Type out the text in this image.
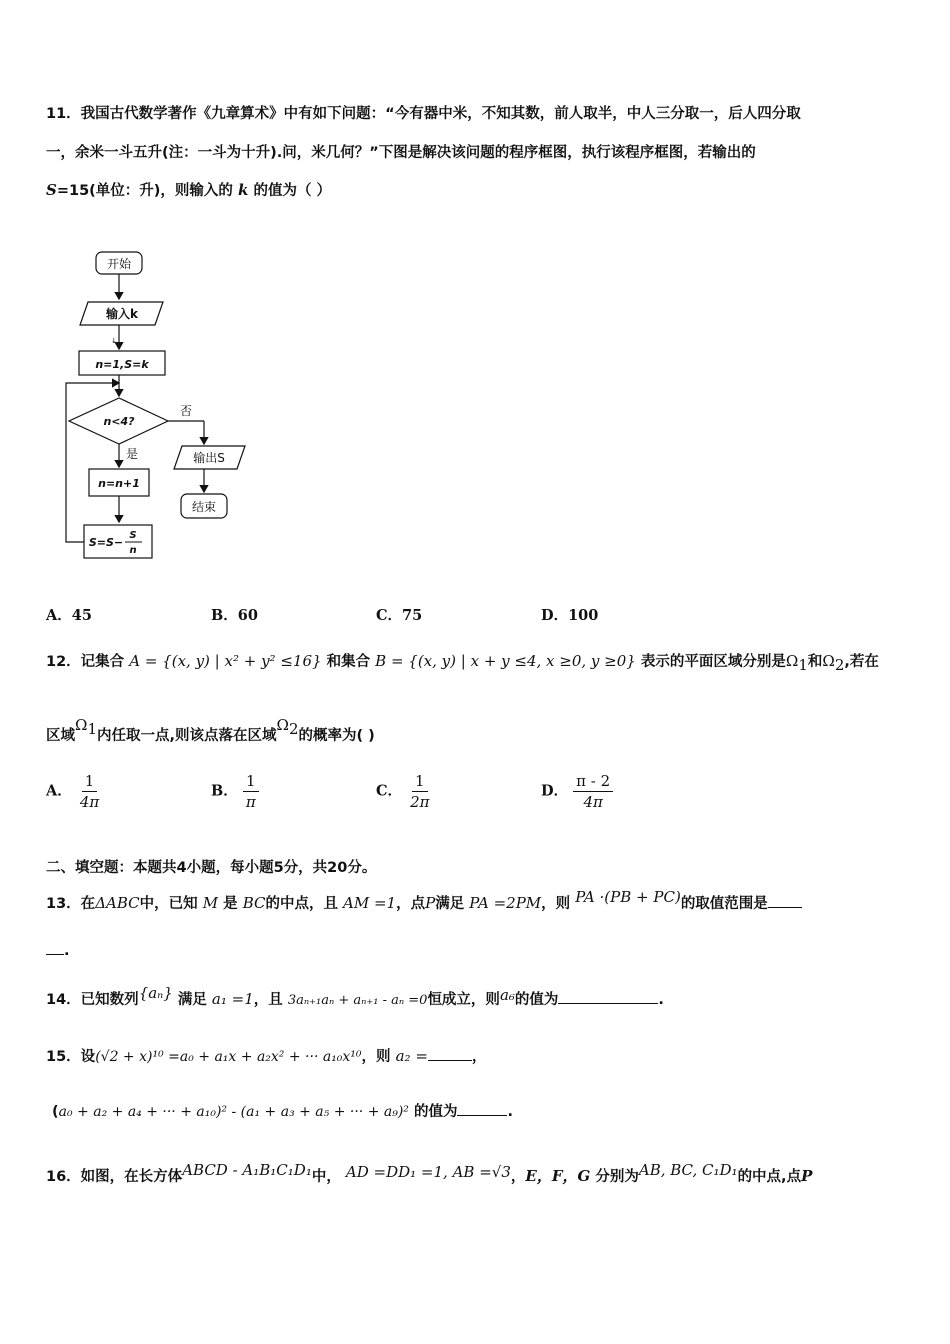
11．我国古代数学著作《九章算术》中有如下问题：“今有器中米，不知其数，前人取半，中人三分取一，后人四分取
一，余米一斗五升(注：一斗为十升).问，米几何？”下图是解决该问题的程序框图，执行该程序框图，若输出的
S=15(单位：升)，则输入的 k 的值为（ ）
开始
输入k
n=1,S=k
↓
n<4?
否
是	输出S
结束
n=n+1
S=S−
S
n
A．45	B．60	C．75	D．100
12．记集合 A = {(x, y) | x² + y² ≤16} 和集合 B = {(x, y) | x + y ≤4, x ≥0, y ≥0} 表示的平面区域分别是$\Omega_1$和$\Omega_2$,若在
区域$\Omega_1$内任取一点,则该点落在区域$\Omega_2$的概率为( )
A． $\frac{1}{4\pi}$	B． $\frac{1}{\pi}$	C． $\frac{1}{2\pi}$	D． $\frac{\pi - 2}{4\pi}$
二、填空题：本题共4小题，每小题5分，共20分。
13．在ΔABC中，已知 M 是 BC的中点，且 AM =1，点P满足 PA =2PM，则 PA ·(PB + PC)的取值范围是
.
14．已知数列{aₙ} 满足 a₁ =1，且 3aₙ₊₁aₙ + aₙ₊₁ - aₙ =0恒成立，则a₆的值为	.
15．设(√2 + x)¹⁰ =a₀ + a₁x + a₂x² + ··· a₁₀x¹⁰，则 a₂ =	，
(a₀ + a₂ + a₄ + ··· + a₁₀)² - (a₁ + a₃ + a₅ + ··· + a₉)² 的值为	.
16．如图，在长方体ABCD - A₁B₁C₁D₁中， AD =DD₁ =1, AB =√3，E，F，G 分别为AB, BC, C₁D₁的中点,点P
